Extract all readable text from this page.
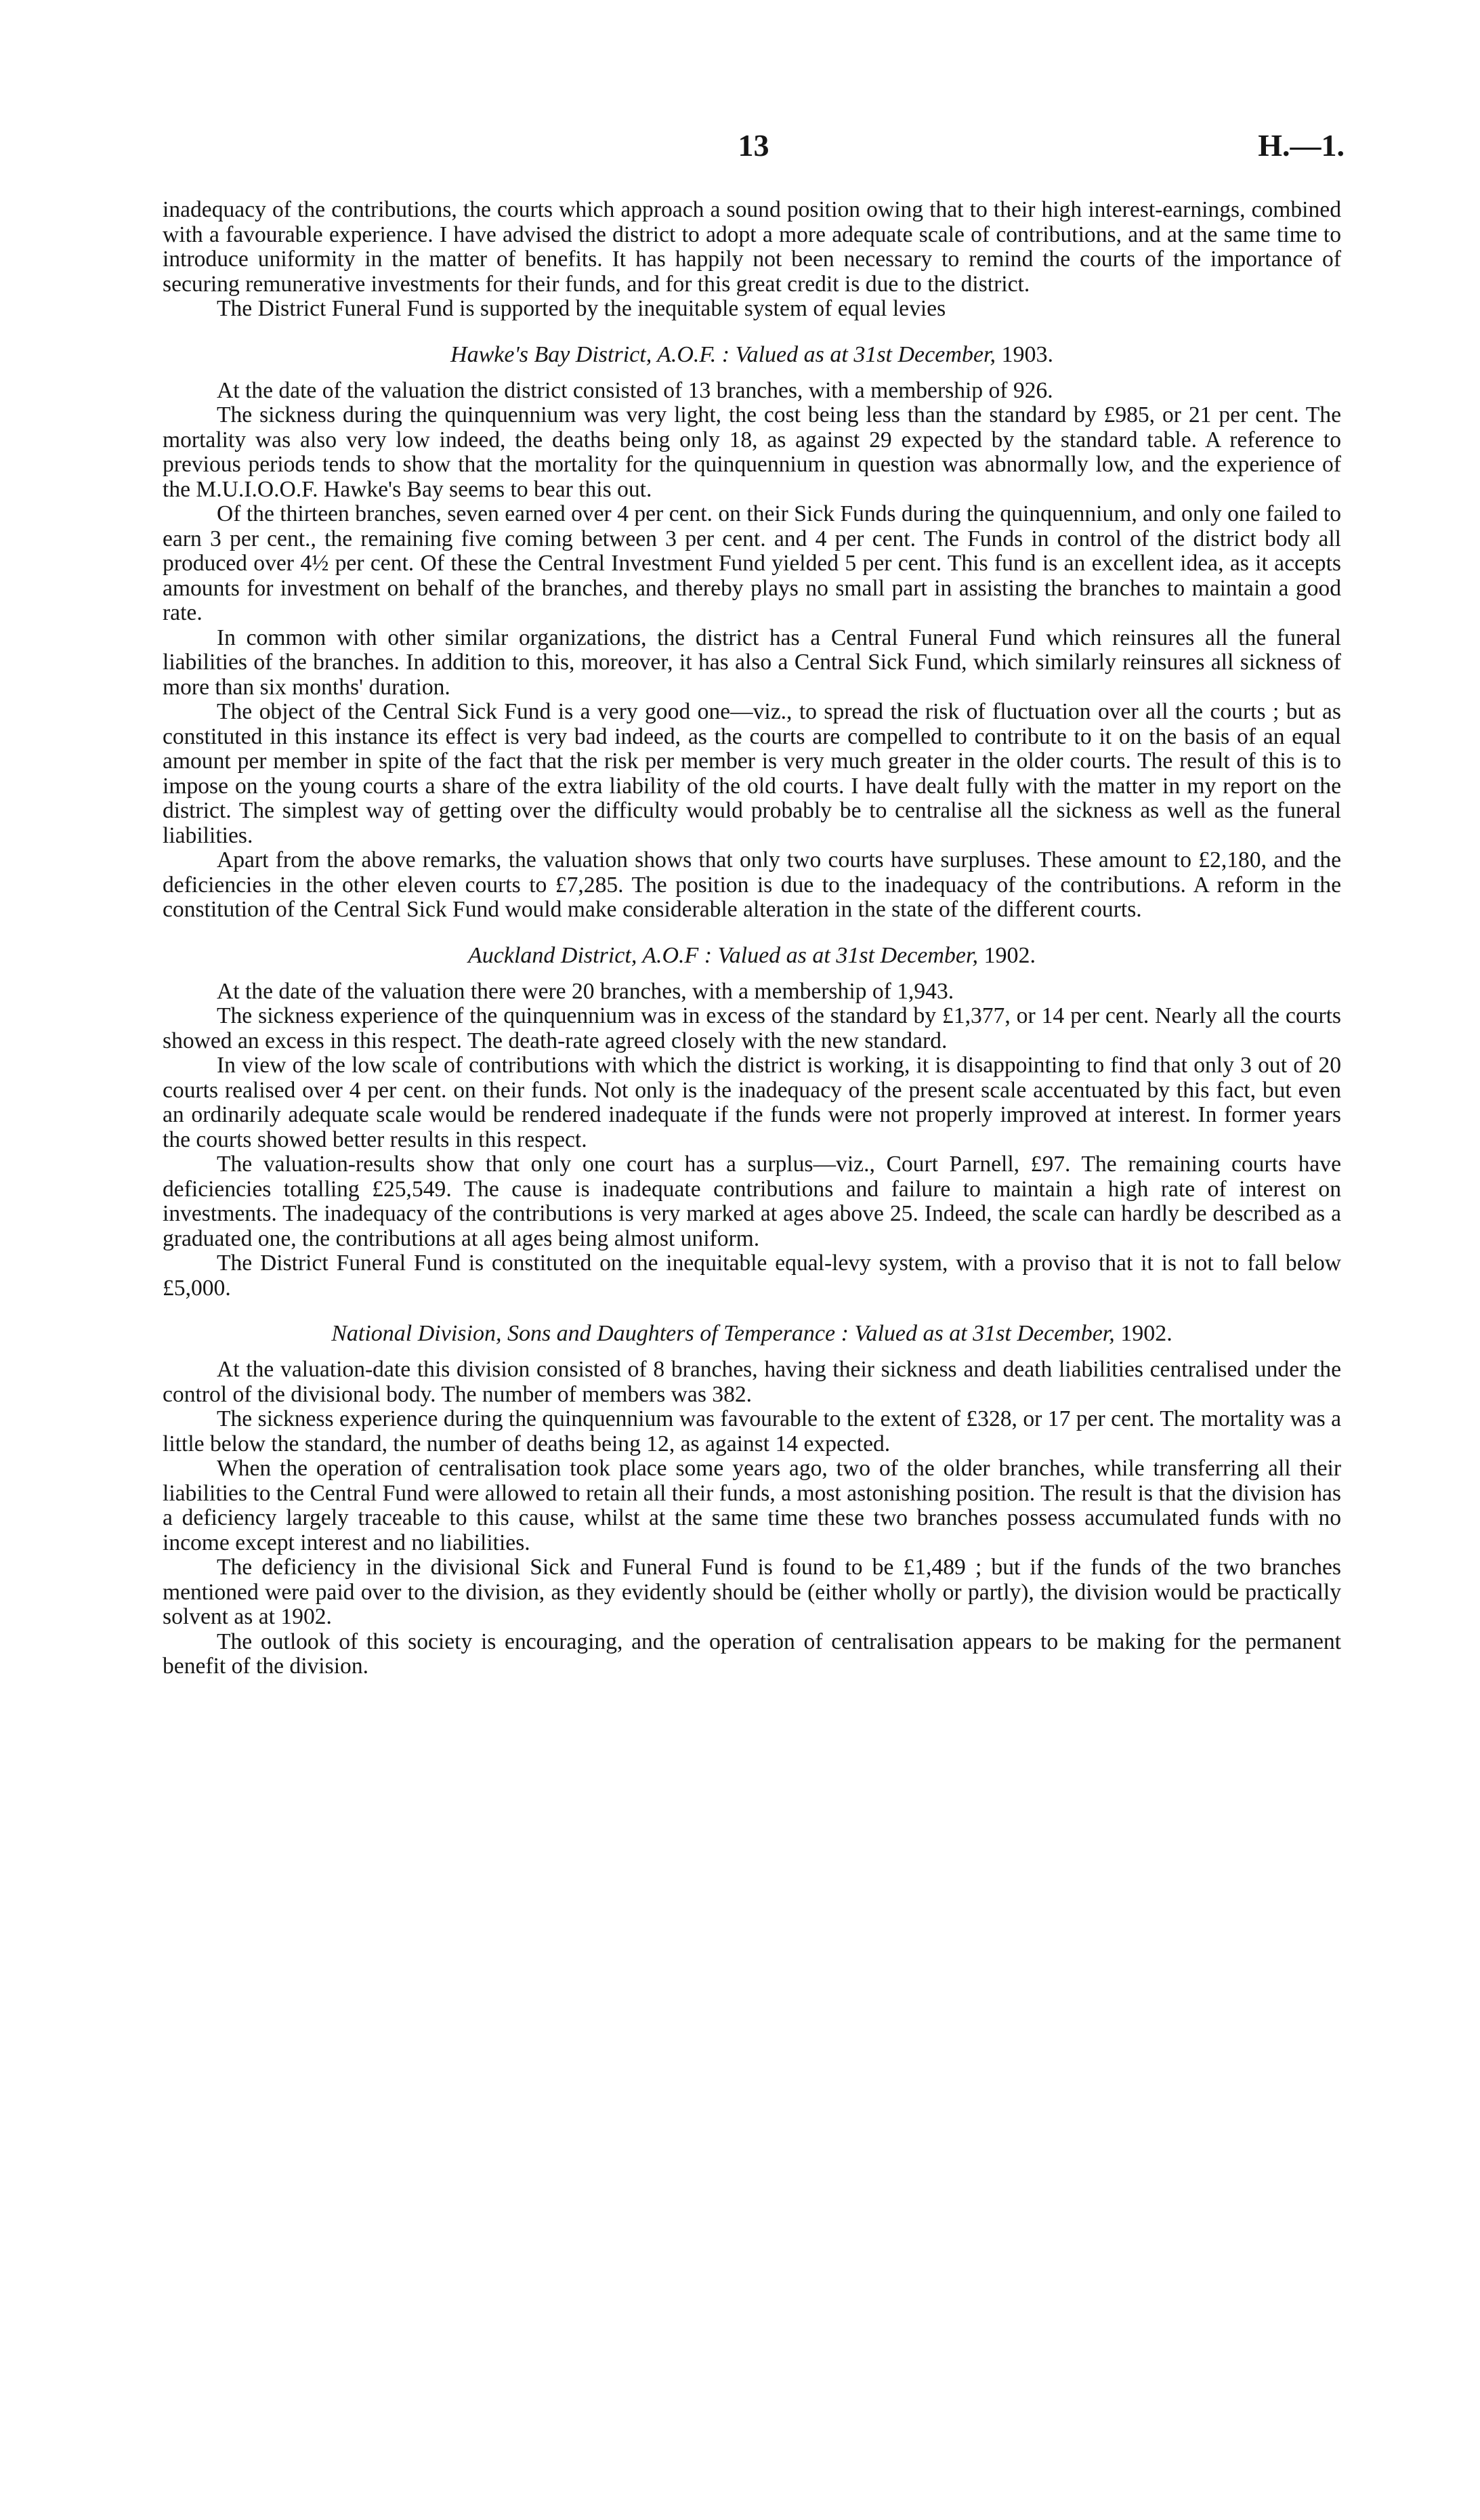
13	H.—1.

inadequacy of the contributions, the courts which approach a sound position owing that to their high interest-earnings, combined with a favourable experience. I have advised the district to adopt a more adequate scale of contributions, and at the same time to introduce uniformity in the matter of benefits. It has happily not been necessary to remind the courts of the importance of securing remunerative investments for their funds, and for this great credit is due to the district.

The District Funeral Fund is supported by the inequitable system of equal levies

Hawke's Bay District, A.O.F. : Valued as at 31st December, 1903.

At the date of the valuation the district consisted of 13 branches, with a membership of 926.

The sickness during the quinquennium was very light, the cost being less than the standard by £985, or 21 per cent. The mortality was also very low indeed, the deaths being only 18, as against 29 expected by the standard table. A reference to previous periods tends to show that the mortality for the quinquennium in question was abnormally low, and the experience of the M.U.I.O.O.F. Hawke's Bay seems to bear this out.

Of the thirteen branches, seven earned over 4 per cent. on their Sick Funds during the quinquennium, and only one failed to earn 3 per cent., the remaining five coming between 3 per cent. and 4 per cent. The Funds in control of the district body all produced over 4½ per cent. Of these the Central Investment Fund yielded 5 per cent. This fund is an excellent idea, as it accepts amounts for investment on behalf of the branches, and thereby plays no small part in assisting the branches to maintain a good rate.

In common with other similar organizations, the district has a Central Funeral Fund which reinsures all the funeral liabilities of the branches. In addition to this, moreover, it has also a Central Sick Fund, which similarly reinsures all sickness of more than six months' duration.

The object of the Central Sick Fund is a very good one—viz., to spread the risk of fluctuation over all the courts ; but as constituted in this instance its effect is very bad indeed, as the courts are compelled to contribute to it on the basis of an equal amount per member in spite of the fact that the risk per member is very much greater in the older courts. The result of this is to impose on the young courts a share of the extra liability of the old courts. I have dealt fully with the matter in my report on the district. The simplest way of getting over the difficulty would probably be to centralise all the sickness as well as the funeral liabilities.

Apart from the above remarks, the valuation shows that only two courts have surpluses. These amount to £2,180, and the deficiencies in the other eleven courts to £7,285. The position is due to the inadequacy of the contributions. A reform in the constitution of the Central Sick Fund would make considerable alteration in the state of the different courts.

Auckland District, A.O.F : Valued as at 31st December, 1902.

At the date of the valuation there were 20 branches, with a membership of 1,943.

The sickness experience of the quinquennium was in excess of the standard by £1,377, or 14 per cent. Nearly all the courts showed an excess in this respect. The death-rate agreed closely with the new standard.

In view of the low scale of contributions with which the district is working, it is disappointing to find that only 3 out of 20 courts realised over 4 per cent. on their funds. Not only is the inadequacy of the present scale accentuated by this fact, but even an ordinarily adequate scale would be rendered inadequate if the funds were not properly improved at interest. In former years the courts showed better results in this respect.

The valuation-results show that only one court has a surplus—viz., Court Parnell, £97. The remaining courts have deficiencies totalling £25,549. The cause is inadequate contributions and failure to maintain a high rate of interest on investments. The inadequacy of the contributions is very marked at ages above 25. Indeed, the scale can hardly be described as a graduated one, the contributions at all ages being almost uniform.

The District Funeral Fund is constituted on the inequitable equal-levy system, with a proviso that it is not to fall below £5,000.

National Division, Sons and Daughters of Temperance : Valued as at 31st December, 1902.

At the valuation-date this division consisted of 8 branches, having their sickness and death liabilities centralised under the control of the divisional body. The number of members was 382.

The sickness experience during the quinquennium was favourable to the extent of £328, or 17 per cent. The mortality was a little below the standard, the number of deaths being 12, as against 14 expected.

When the operation of centralisation took place some years ago, two of the older branches, while transferring all their liabilities to the Central Fund were allowed to retain all their funds, a most astonishing position. The result is that the division has a deficiency largely traceable to this cause, whilst at the same time these two branches possess accumulated funds with no income except interest and no liabilities.

The deficiency in the divisional Sick and Funeral Fund is found to be £1,489 ; but if the funds of the two branches mentioned were paid over to the division, as they evidently should be (either wholly or partly), the division would be practically solvent as at 1902.

The outlook of this society is encouraging, and the operation of centralisation appears to be making for the permanent benefit of the division.
